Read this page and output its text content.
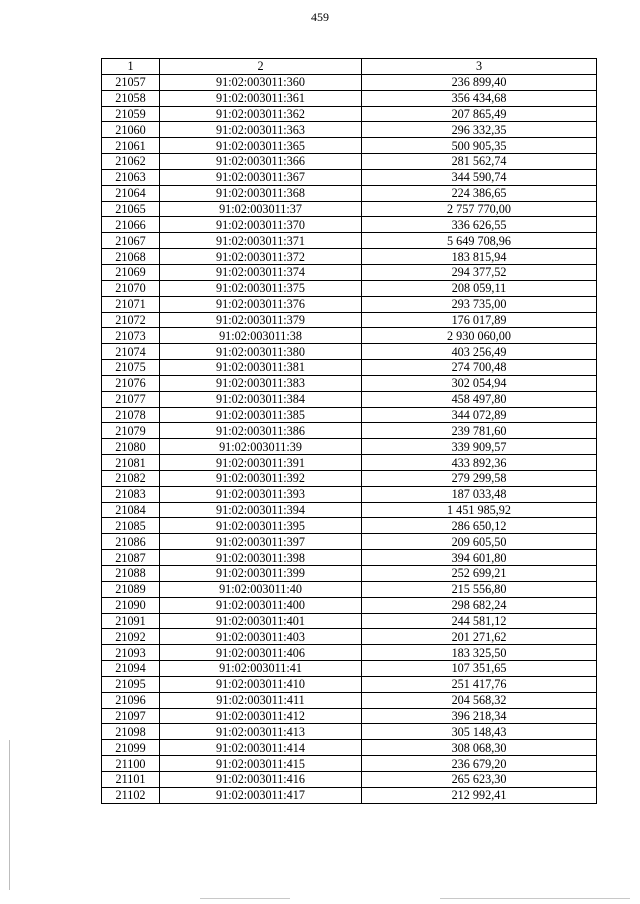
459
1	2	3
21057	91:02:003011:360	236 899,40
21058	91:02:003011:361	356 434,68
21059	91:02:003011:362	207 865,49
21060	91:02:003011:363	296 332,35
21061	91:02:003011:365	500 905,35
21062	91:02:003011:366	281 562,74
21063	91:02:003011:367	344 590,74
21064	91:02:003011:368	224 386,65
21065	91:02:003011:37	2 757 770,00
21066	91:02:003011:370	336 626,55
21067	91:02:003011:371	5 649 708,96
21068	91:02:003011:372	183 815,94
21069	91:02:003011:374	294 377,52
21070	91:02:003011:375	208 059,11
21071	91:02:003011:376	293 735,00
21072	91:02:003011:379	176 017,89
21073	91:02:003011:38	2 930 060,00
21074	91:02:003011:380	403 256,49
21075	91:02:003011:381	274 700,48
21076	91:02:003011:383	302 054,94
21077	91:02:003011:384	458 497,80
21078	91:02:003011:385	344 072,89
21079	91:02:003011:386	239 781,60
21080	91:02:003011:39	339 909,57
21081	91:02:003011:391	433 892,36
21082	91:02:003011:392	279 299,58
21083	91:02:003011:393	187 033,48
21084	91:02:003011:394	1 451 985,92
21085	91:02:003011:395	286 650,12
21086	91:02:003011:397	209 605,50
21087	91:02:003011:398	394 601,80
21088	91:02:003011:399	252 699,21
21089	91:02:003011:40	215 556,80
21090	91:02:003011:400	298 682,24
21091	91:02:003011:401	244 581,12
21092	91:02:003011:403	201 271,62
21093	91:02:003011:406	183 325,50
21094	91:02:003011:41	107 351,65
21095	91:02:003011:410	251 417,76
21096	91:02:003011:411	204 568,32
21097	91:02:003011:412	396 218,34
21098	91:02:003011:413	305 148,43
21099	91:02:003011:414	308 068,30
21100	91:02:003011:415	236 679,20
21101	91:02:003011:416	265 623,30
21102	91:02:003011:417	212 992,41
